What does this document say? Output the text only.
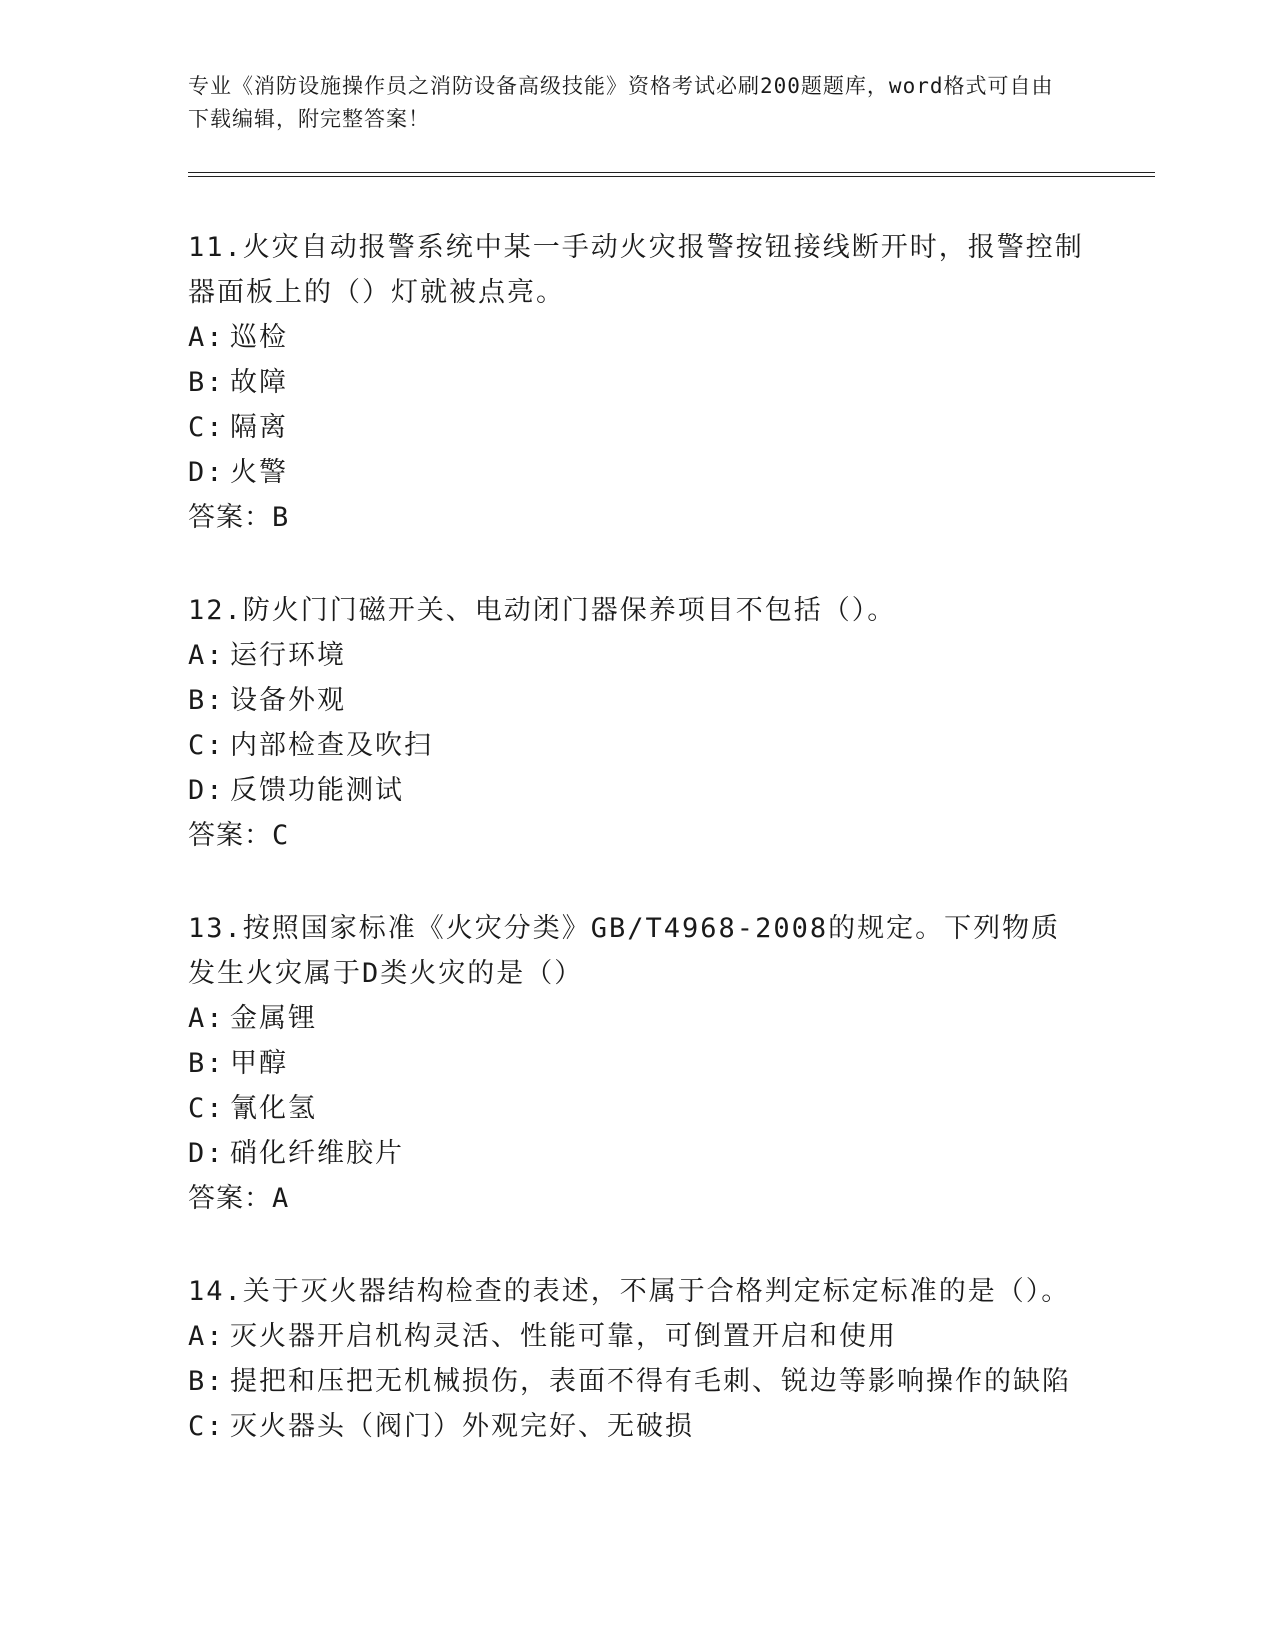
专业《消防设施操作员之消防设备高级技能》资格考试必刷200题题库，word格式可自由下载编辑，附完整答案！

11.火灾自动报警系统中某一手动火灾报警按钮接线断开时，报警控制器面板上的（）灯就被点亮。

A: 巡检

B: 故障

C: 隔离

D: 火警

答案：B

12.防火门门磁开关、电动闭门器保养项目不包括（）。

A: 运行环境

B: 设备外观

C: 内部检查及吹扫

D: 反馈功能测试

答案：C

13.按照国家标准《火灾分类》GB/T4968-2008的规定。下列物质发生火灾属于D类火灾的是（）

A: 金属锂

B: 甲醇

C: 氰化氢

D: 硝化纤维胶片

答案：A

14.关于灭火器结构检查的表述，不属于合格判定标定标准的是（）。

A: 灭火器开启机构灵活、性能可靠，可倒置开启和使用

B: 提把和压把无机械损伤，表面不得有毛刺、锐边等影响操作的缺陷

C: 灭火器头（阀门）外观完好、无破损
